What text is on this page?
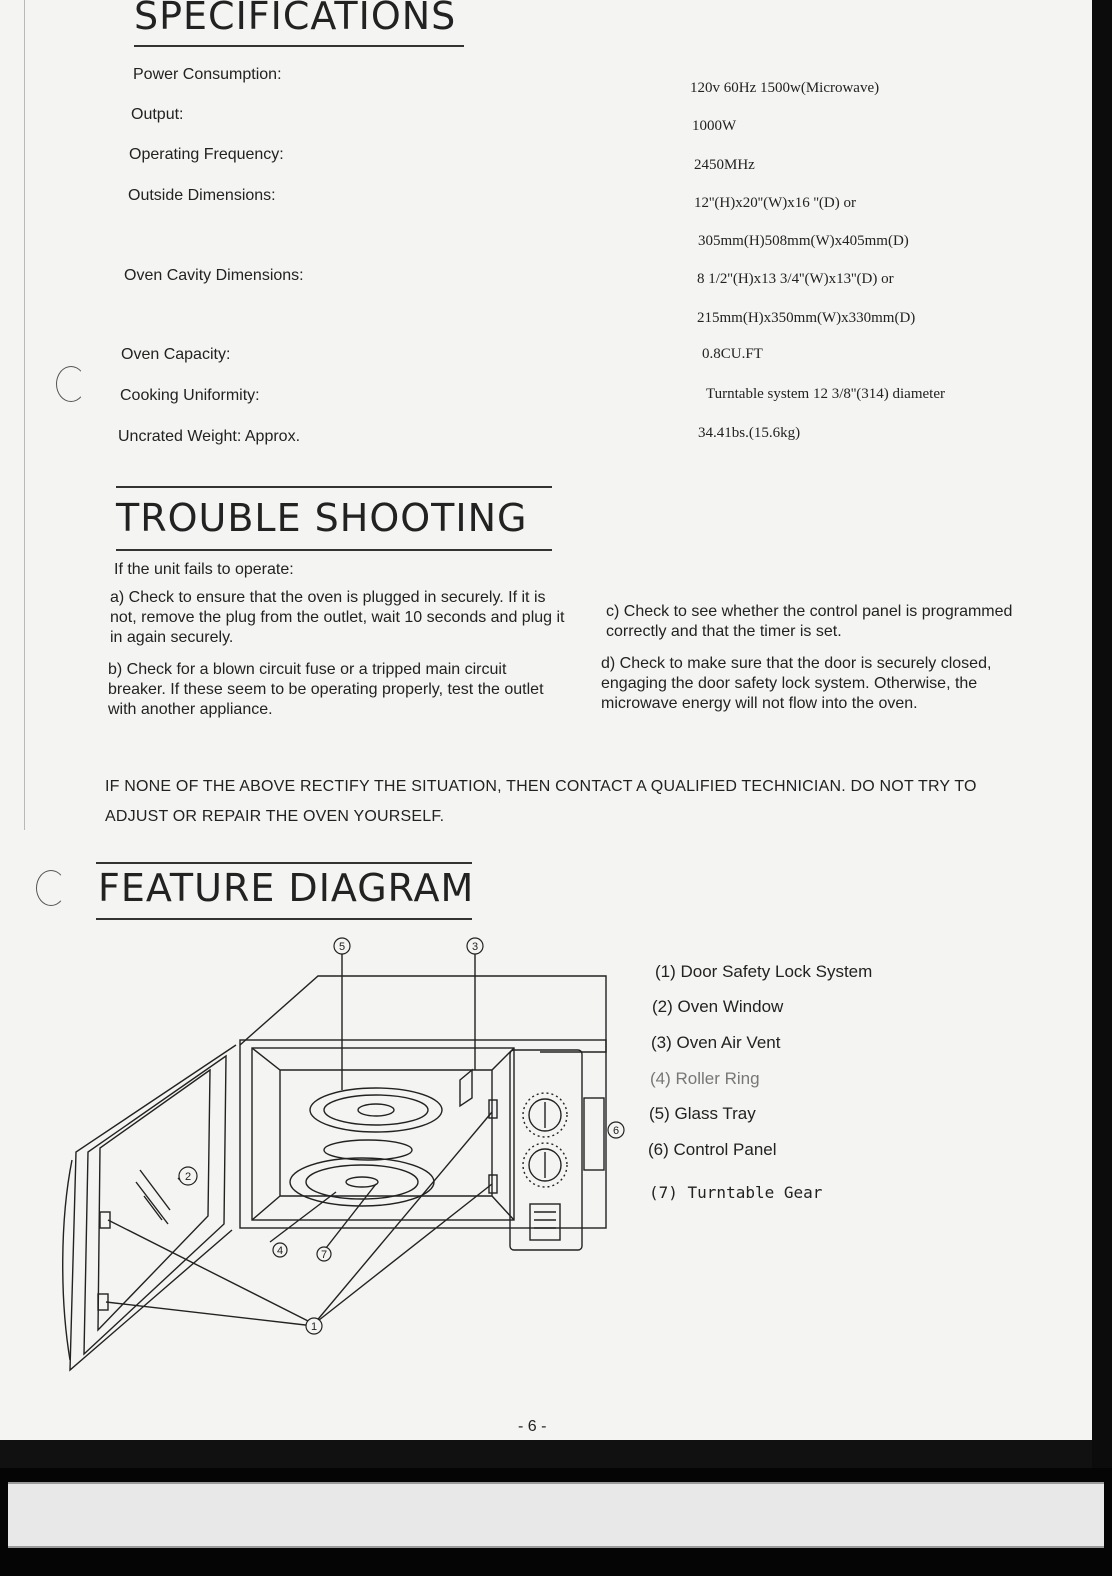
SPECIFICATIONS
Power Consumption:
120v 60Hz 1500w(Microwave)
Output:
1000W
Operating Frequency:
2450MHz
Outside Dimensions:	12''(H)x20''(W)x16 ''(D) or
305mm(H)508mm(W)x405mm(D)
Oven Cavity Dimensions:	8 1/2''(H)x13 3/4''(W)x13''(D) or
215mm(H)x350mm(W)x330mm(D)
Oven Capacity:	0.8CU.FT
Cooking Uniformity:	Turntable system 12 3/8''(314) diameter
Uncrated Weight: Approx.	34.41bs.(15.6kg)
TROUBLE SHOOTING
If the unit fails to operate:
a) Check to ensure that the oven is plugged in securely. If it is not, remove the plug from the outlet, wait 10 seconds and plug it in again securely.
b) Check for a blown circuit fuse or a tripped main circuit breaker. If these seem to be operating properly, test the outlet with another appliance.
c) Check to see whether the control panel is programmed correctly and that the timer is set.
d) Check to make sure that the door is securely closed, engaging the door safety lock system. Otherwise, the microwave energy will not flow into the oven.
IF NONE OF THE ABOVE RECTIFY THE SITUATION, THEN CONTACT A QUALIFIED TECHNICIAN. DO NOT TRY TO ADJUST OR REPAIR THE OVEN YOURSELF.
FEATURE DIAGRAM
5	3
2
4	7
1
6
(1) Door Safety Lock System
(2) Oven Window
(3) Oven Air Vent
(4) Roller Ring
(5) Glass Tray
(6) Control Panel
(7) Turntable Gear
- 6 -
